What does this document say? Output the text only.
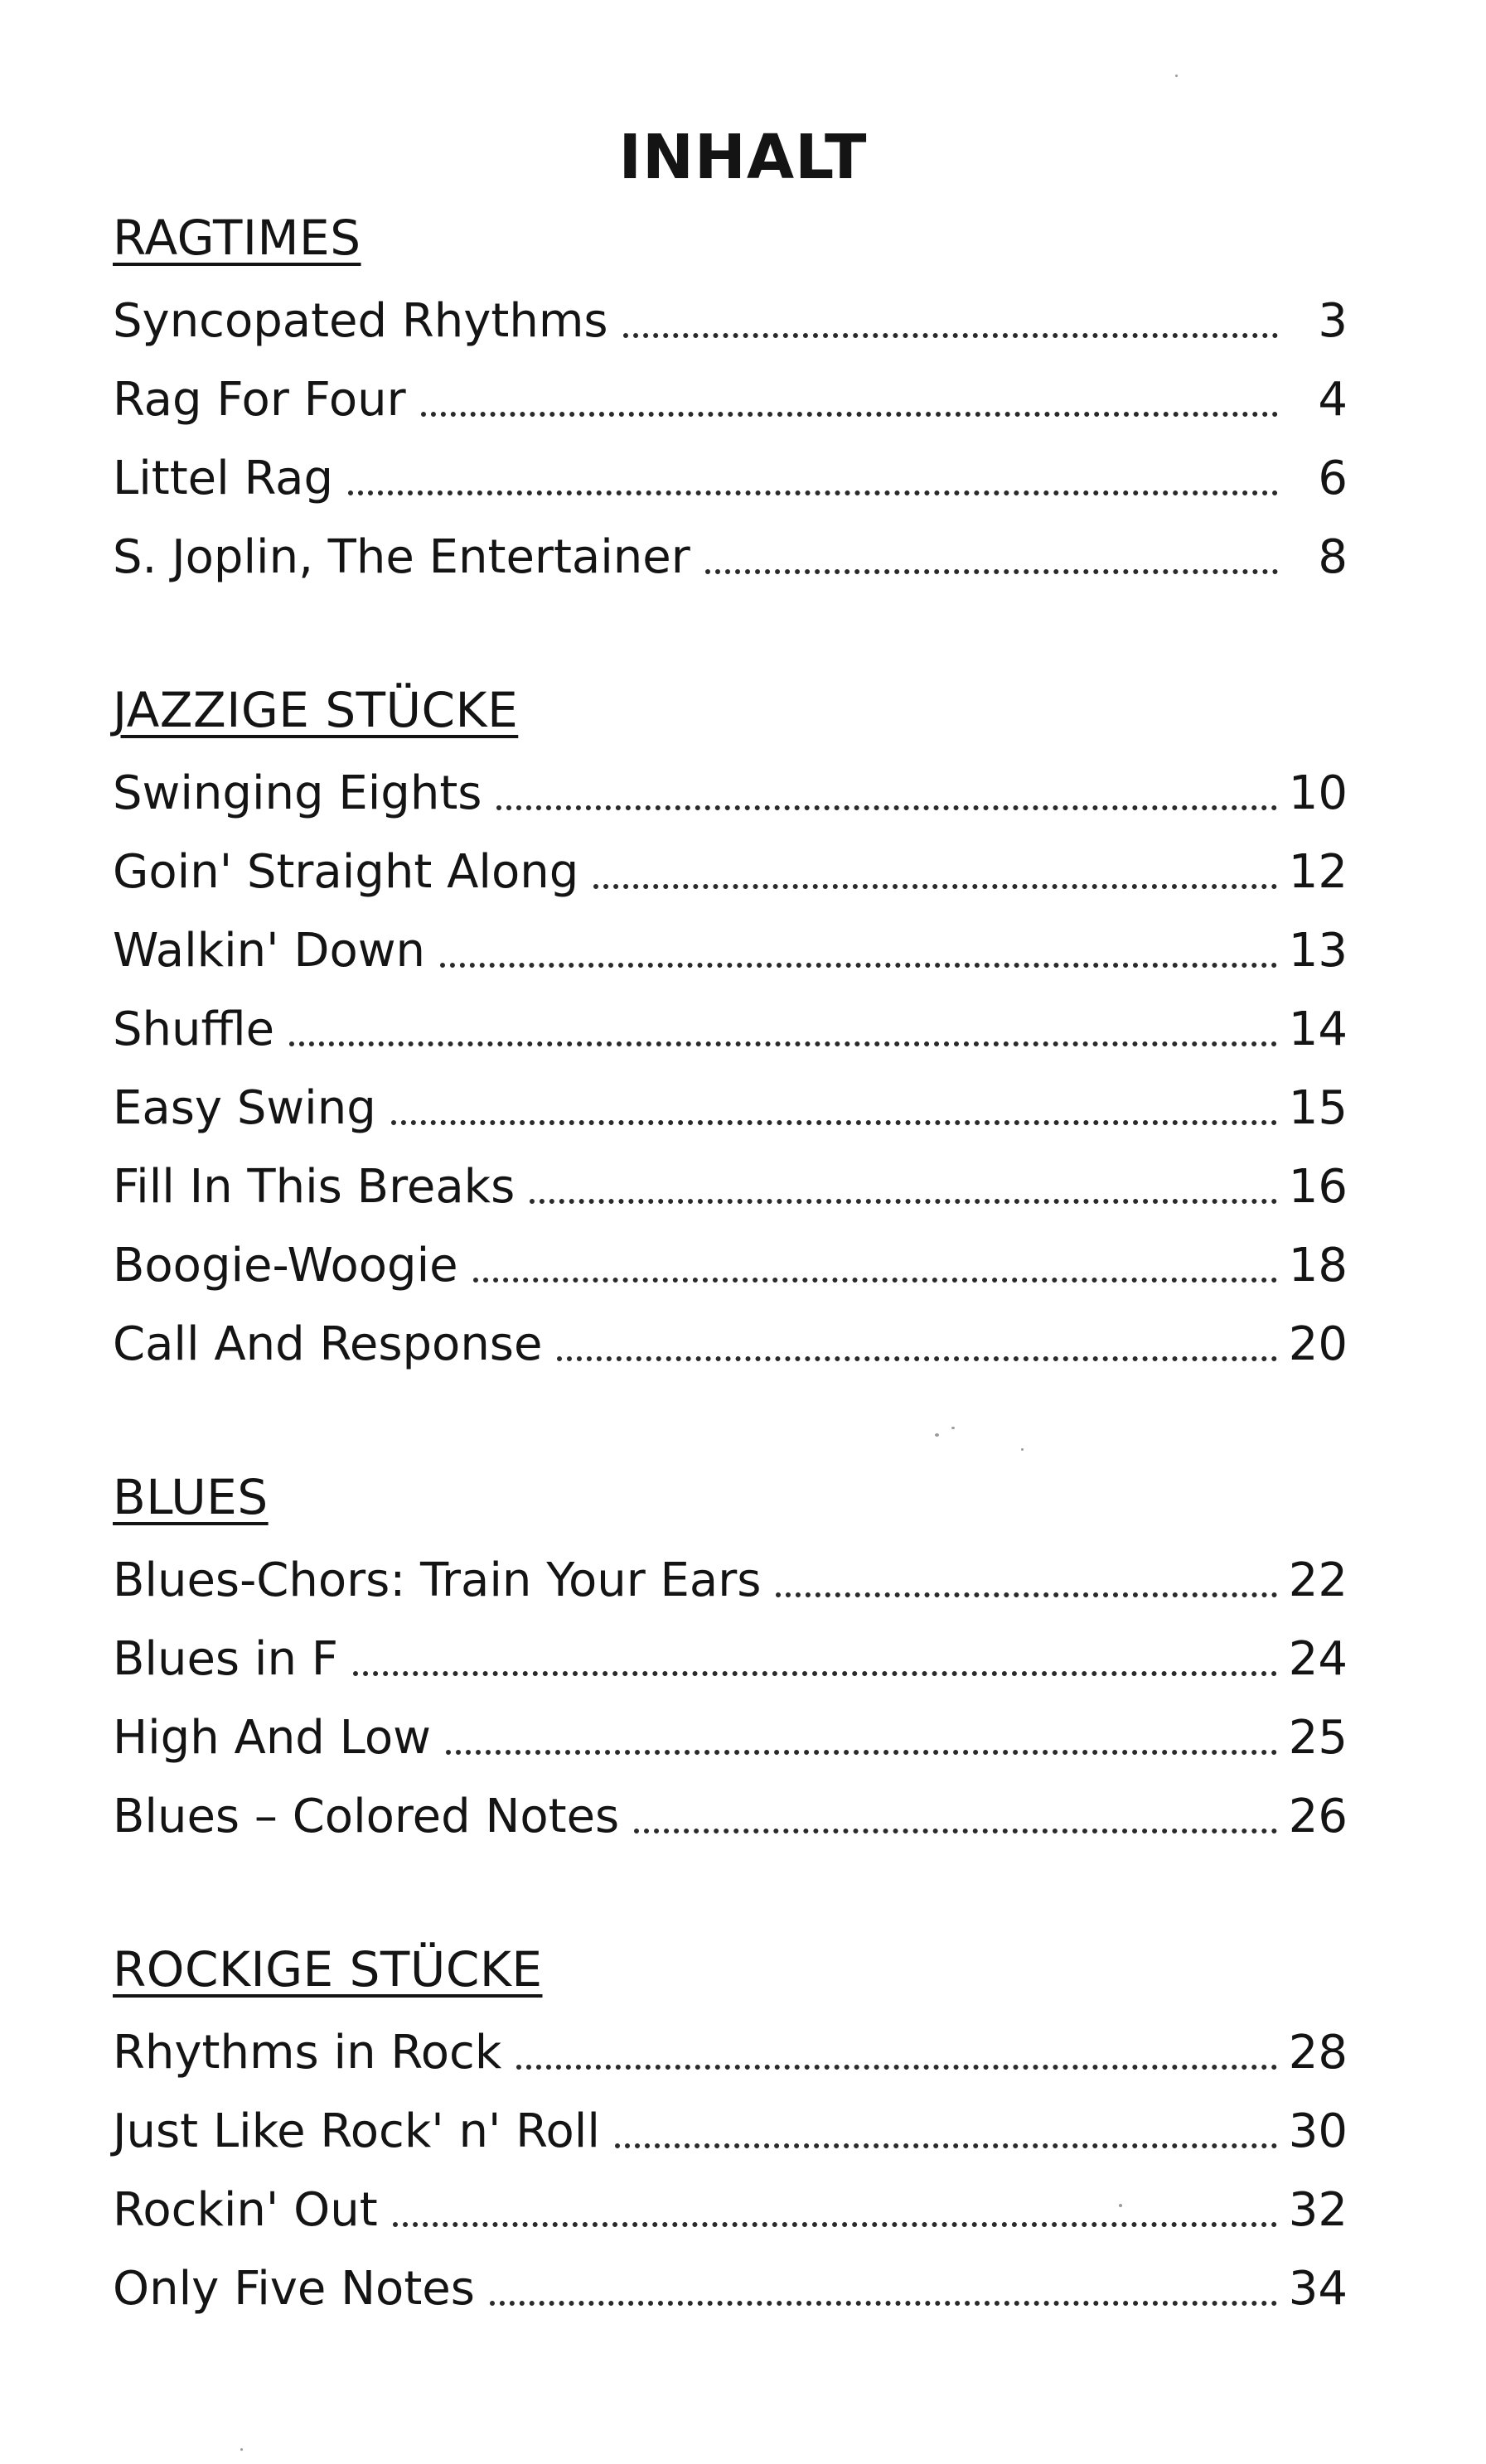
INHALT
RAGTIMES
Syncopated Rhythms	3
Rag For Four	4
Littel Rag	6
S. Joplin, The Entertainer	8
JAZZIGE STÜCKE
Swinging Eights	10
Goin' Straight Along	12
Walkin' Down	13
Shuffle	14
Easy Swing	15
Fill In This Breaks	16
Boogie-Woogie	18
Call And Response	20
BLUES
Blues-Chors: Train Your Ears	22
Blues in F	24
High And Low	25
Blues – Colored Notes	26
ROCKIGE STÜCKE
Rhythms in Rock	28
Just Like Rock' n' Roll	30
Rockin' Out	32
Only Five Notes	34
